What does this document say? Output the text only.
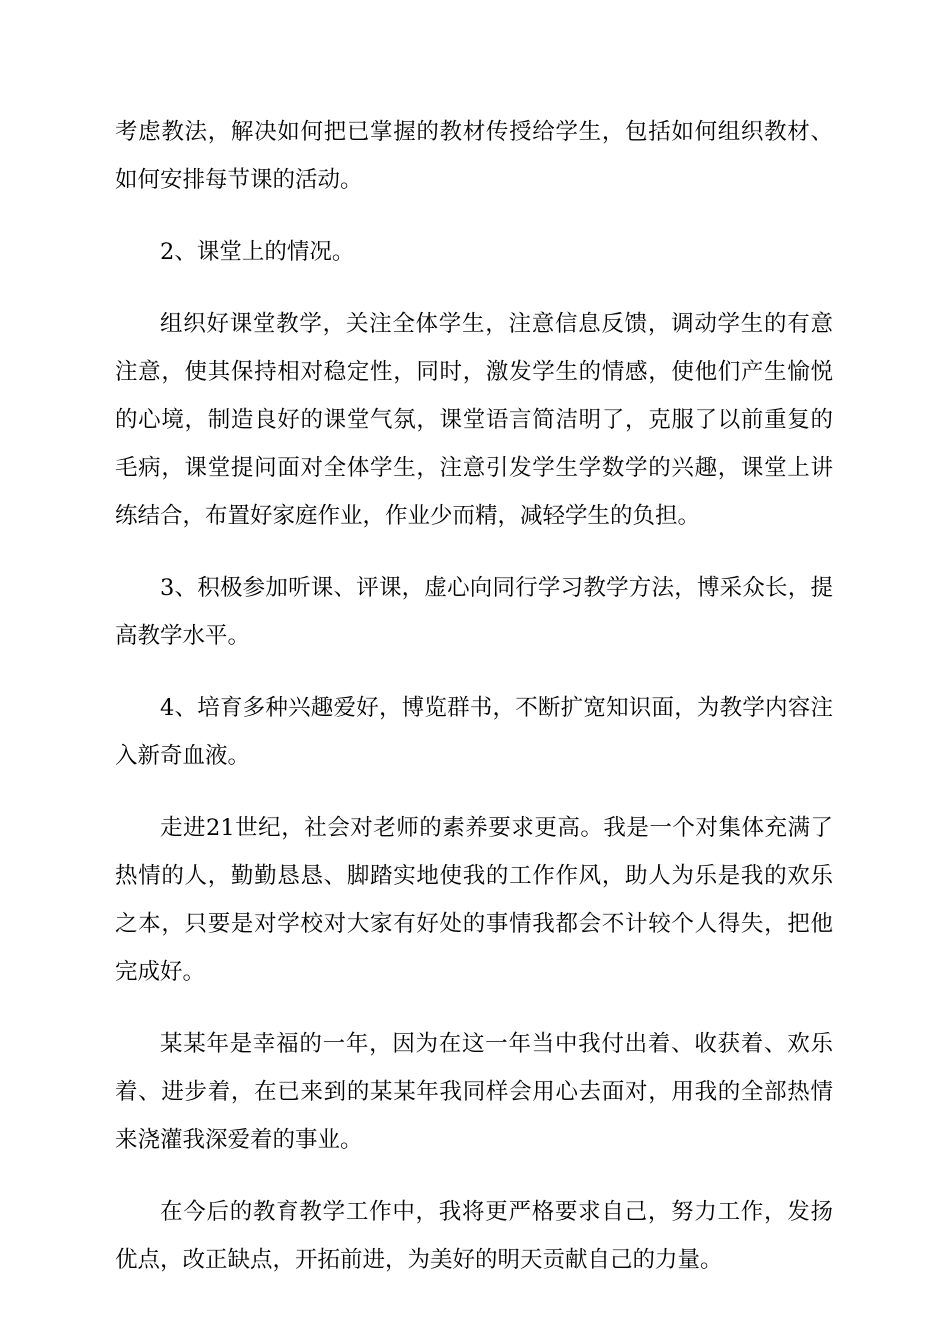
考虑教法，解决如何把已掌握的教材传授给学生，包括如何组织教材、如何安排每节课的活动。

2、课堂上的情况。

组织好课堂教学，关注全体学生，注意信息反馈，调动学生的有意注意，使其保持相对稳定性，同时，激发学生的情感，使他们产生愉悦的心境，制造良好的课堂气氛，课堂语言简洁明了，克服了以前重复的毛病，课堂提问面对全体学生，注意引发学生学数学的兴趣，课堂上讲练结合，布置好家庭作业，作业少而精，减轻学生的负担。

3、积极参加听课、评课，虚心向同行学习教学方法，博采众长，提高教学水平。

4、培育多种兴趣爱好，博览群书，不断扩宽知识面，为教学内容注入新奇血液。

走进21世纪，社会对老师的素养要求更高。我是一个对集体充满了热情的人，勤勤恳恳、脚踏实地使我的工作作风，助人为乐是我的欢乐之本，只要是对学校对大家有好处的事情我都会不计较个人得失，把他完成好。

某某年是幸福的一年，因为在这一年当中我付出着、收获着、欢乐着、进步着，在已来到的某某年我同样会用心去面对，用我的全部热情来浇灌我深爱着的事业。

在今后的教育教学工作中，我将更严格要求自己，努力工作，发扬优点，改正缺点，开拓前进，为美好的明天贡献自己的力量。
